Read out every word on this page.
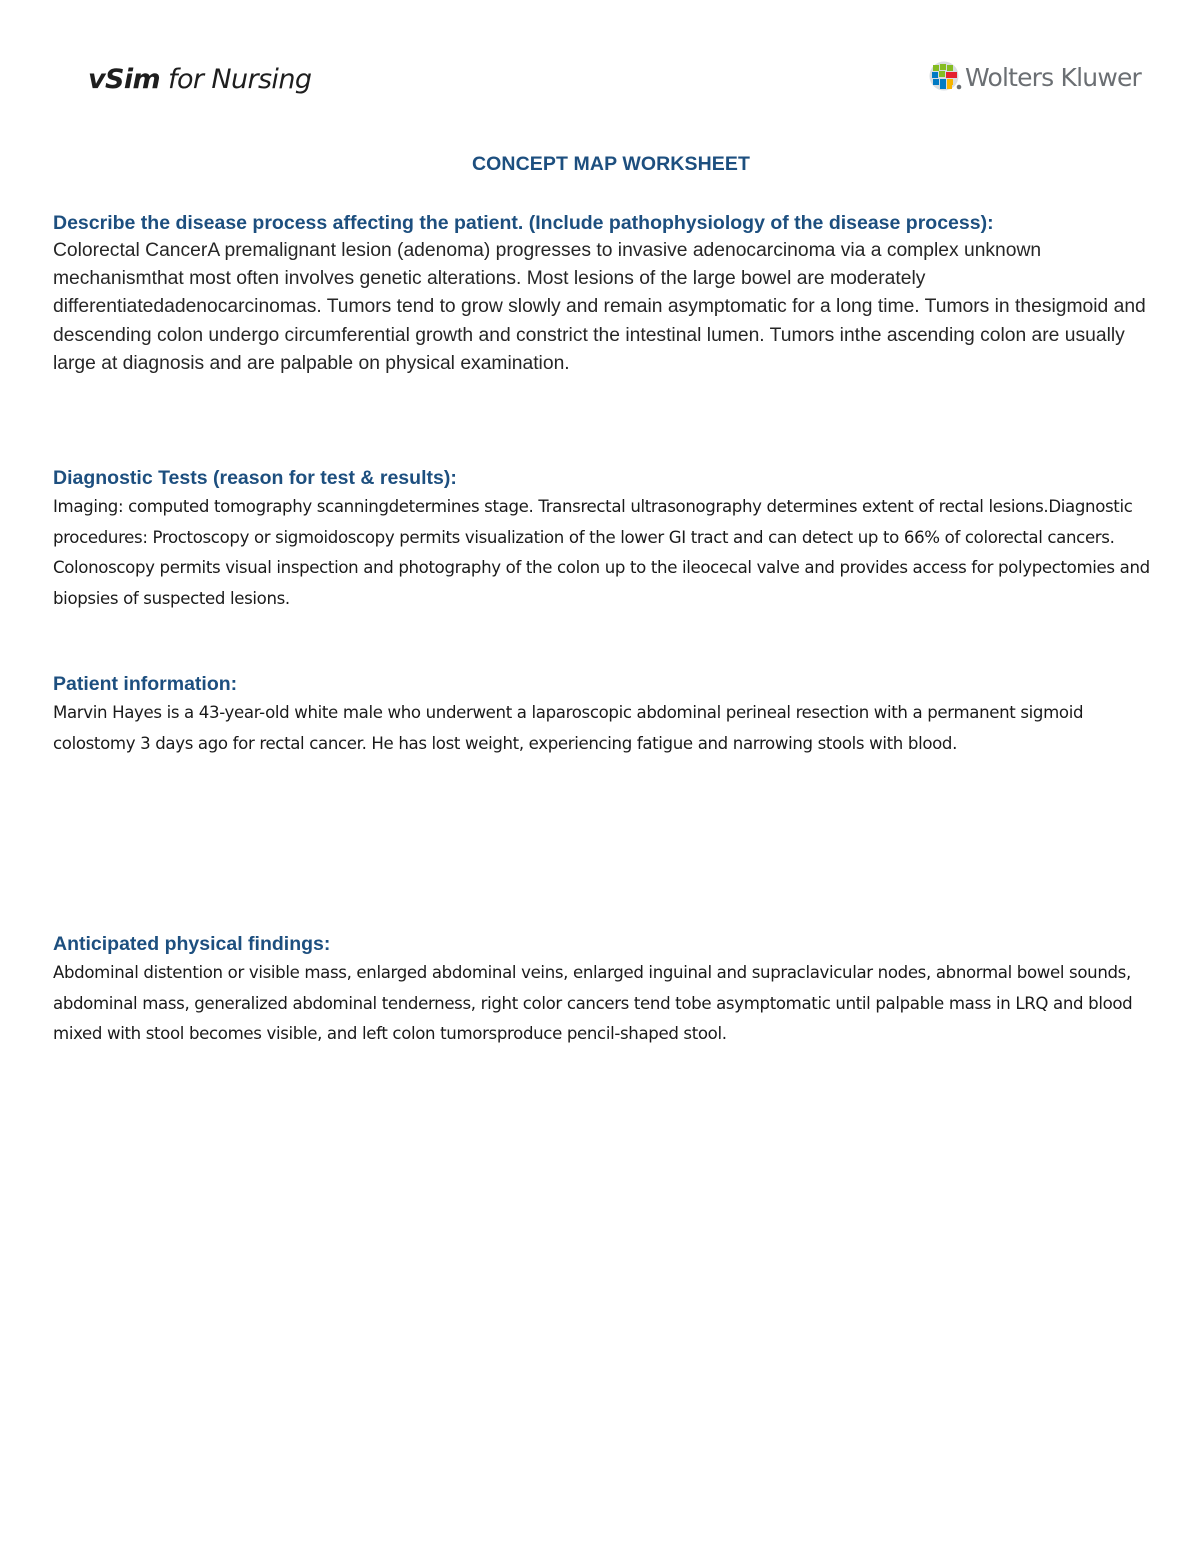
vSim for Nursing	Wolters Kluwer
CONCEPT MAP WORKSHEET
Describe the disease process affecting the patient. (Include pathophysiology of the disease process):
Colorectal CancerA premalignant lesion (adenoma) progresses to invasive adenocarcinoma via a complex unknown mechanismthat most often involves genetic alterations. Most lesions of the large bowel are moderately differentiatedadenocarcinomas. Tumors tend to grow slowly and remain asymptomatic for a long time. Tumors in thesigmoid and descending colon undergo circumferential growth and constrict the intestinal lumen. Tumors inthe ascending colon are usually large at diagnosis and are palpable on physical examination.
Diagnostic Tests (reason for test & results):
Imaging: computed tomography scanningdetermines stage. Transrectal ultrasonography determines extent of rectal lesions.Diagnostic procedures: Proctoscopy or sigmoidoscopy permits visualization of the lower GI tract and can detect up to 66% of colorectal cancers. Colonoscopy permits visual inspection and photography of the colon up to the ileocecal valve and provides access for polypectomies and biopsies of suspected lesions.
Patient information:
Marvin Hayes is a 43-year-old white male who underwent a laparoscopic abdominal perineal resection with a permanent sigmoid colostomy 3 days ago for rectal cancer. He has lost weight, experiencing fatigue and narrowing stools with blood.
Anticipated physical findings:
Abdominal distention or visible mass, enlarged abdominal veins, enlarged inguinal and supraclavicular nodes, abnormal bowel sounds, abdominal mass, generalized abdominal tenderness, right color cancers tend tobe asymptomatic until palpable mass in LRQ and blood mixed with stool becomes visible, and left colon tumorsproduce pencil-shaped stool.
